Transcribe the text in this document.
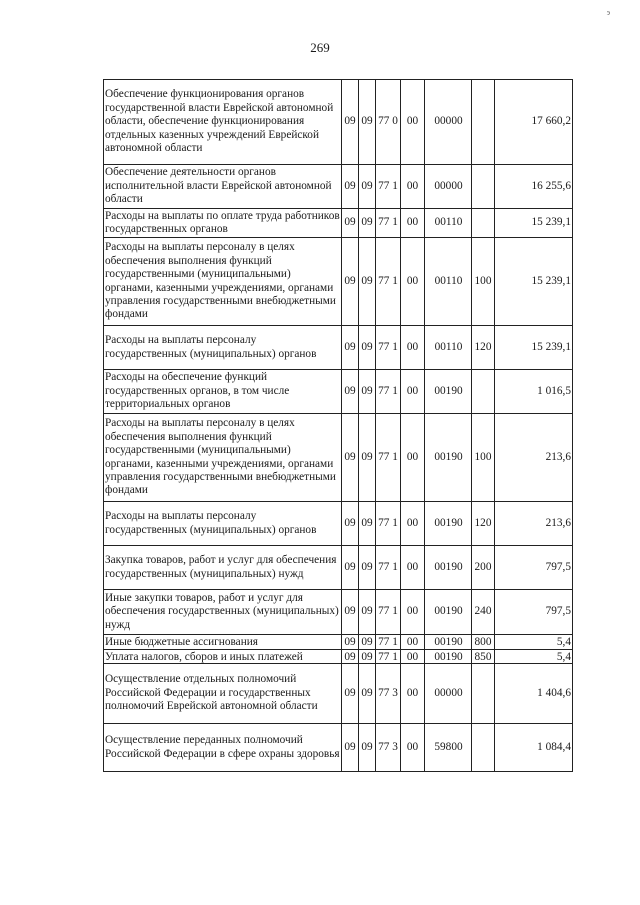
э
269
Обеспечение функционирования органов государственной власти Еврейской автономной области, обеспечение функционирования отдельных казенных учреждений Еврейской автономной области	09	09	77 0	00	00000		17 660,2
Обеспечение деятельности органов исполнительной власти Еврейской автономной области	09	09	77 1	00	00000		16 255,6
Расходы на выплаты по оплате труда работников государственных органов	09	09	77 1	00	00110		15 239,1
Расходы на выплаты персоналу в целях обеспечения выполнения функций государственными (муниципальными) органами, казенными учреждениями, органами управления государственными внебюджетными фондами	09	09	77 1	00	00110	100	15 239,1
Расходы на выплаты персоналу государственных (муниципальных) органов	09	09	77 1	00	00110	120	15 239,1
Расходы на обеспечение функций государственных органов, в том числе территориальных органов	09	09	77 1	00	00190		1 016,5
Расходы на выплаты персоналу в целях обеспечения выполнения функций государственными (муниципальными) органами, казенными учреждениями, органами управления государственными внебюджетными фондами	09	09	77 1	00	00190	100	213,6
Расходы на выплаты персоналу государственных (муниципальных) органов	09	09	77 1	00	00190	120	213,6
Закупка товаров, работ и услуг для обеспечения государственных (муниципальных) нужд	09	09	77 1	00	00190	200	797,5
Иные закупки товаров, работ и услуг для обеспечения государственных (муниципальных) нужд	09	09	77 1	00	00190	240	797,5
Иные бюджетные ассигнования	09	09	77 1	00	00190	800	5,4
Уплата налогов, сборов и иных платежей	09	09	77 1	00	00190	850	5,4
Осуществление отдельных полномочий Российской Федерации и государственных полномочий Еврейской автономной области	09	09	77 3	00	00000		1 404,6
Осуществление переданных полномочий Российской Федерации в сфере охраны здоровья	09	09	77 3	00	59800		1 084,4
